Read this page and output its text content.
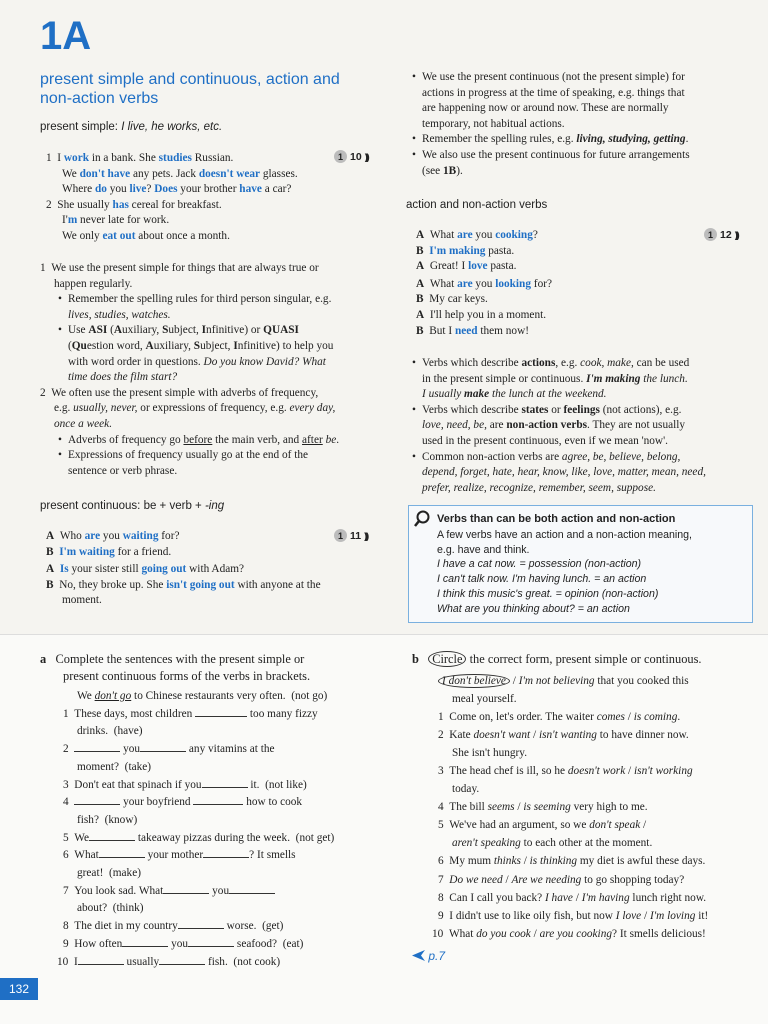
1A
present simple and continuous, action and
non-action verbs
present simple: I live, he works, etc.
1 10 )))
1  I work in a bank. She studies Russian.
We don't have any pets. Jack doesn't wear glasses.
Where do you live? Does your brother have a car?
2  She usually has cereal for breakfast.
I'm never late for work.
We only eat out about once a month.
1  We use the present simple for things that are always true or
happen regularly.
• Remember the spelling rules for third person singular, e.g.
lives, studies, watches.
• Use ASI (Auxiliary, Subject, Infinitive) or QUASI
(Question word, Auxiliary, Subject, Infinitive) to help you
with word order in questions. Do you know David? What
time does the film start?
2  We often use the present simple with adverbs of frequency,
e.g. usually, never, or expressions of frequency, e.g. every day,
once a week.
• Adverbs of frequency go before the main verb, and after be.
• Expressions of frequency usually go at the end of the
sentence or verb phrase.
present continuous: be + verb + -ing
1 11 )))
A  Who are you waiting for?
B I'm waiting for a friend.
A Is your sister still going out with Adam?
B  No, they broke up. She isn't going out with anyone at the
moment.
• We use the present continuous (not the present simple) for
actions in progress at the time of speaking, e.g. things that
are happening now or around now. These are normally
temporary, not habitual actions.
• Remember the spelling rules, e.g. living, studying, getting.
• We also use the present continuous for future arrangements
(see 1B).
action and non-action verbs
1 12 )))
A  What are you cooking?
B I'm making pasta.
A  Great! I love pasta.
A  What are you looking for?
B  My car keys.
A  I'll help you in a moment.
B  But I need them now!
• Verbs which describe actions, e.g. cook, make, can be used
in the present simple or continuous. I'm making the lunch.
I usually make the lunch at the weekend.
• Verbs which describe states or feelings (not actions), e.g.
love, need, be, are non-action verbs. They are not usually
used in the present continuous, even if we mean 'now'.
• Common non-action verbs are agree, be, believe, belong,
depend, forget, hate, hear, know, like, love, matter, mean, need,
prefer, realize, recognize, remember, seem, suppose.
Verbs than can be both action and non-action
A few verbs have an action and a non-action meaning,
e.g. have and think.
I have a cat now. = possession (non-action)
I can't talk now. I'm having lunch. = an action
I think this music's great. = opinion (non-action)
What are you thinking about? = an action
a Complete the sentences with the present simple or
present continuous forms of the verbs in brackets.
We don't go to Chinese restaurants very often.  (not go)
1  These days, most children	too many fizzy
drinks.  (have)
2	you	any vitamins at the
moment?  (take)
3  Don't eat that spinach if you	it.  (not like)
4	your boyfriend	how to cook
fish?  (know)
5  We	takeaway pizzas during the week.  (not get)
6  What	your mother	? It smells
great!  (make)
7  You look sad. What	you
about?  (think)
8  The diet in my country	worse.  (get)
9  How often	you	seafood?  (eat)
10  I	usually	fish.  (not cook)
b Circle the correct form, present simple or continuous.
I don't believe / I'm not believing that you cooked this
meal yourself.
1  Come on, let's order. The waiter comes / is coming.
2  Kate doesn't want / isn't wanting to have dinner now.
She isn't hungry.
3  The head chef is ill, so he doesn't work / isn't working
today.
4  The bill seems / is seeming very high to me.
5  We've had an argument, so we don't speak /
aren't speaking to each other at the moment.
6  My mum thinks / is thinking my diet is awful these days.
7  Do we need / Are we needing to go shopping today?
8  Can I call you back? I have / I'm having lunch right now.
9  I didn't use to like oily fish, but now I love / I'm loving it!
10  What do you cook / are you cooking? It smells delicious!
p.7
132
